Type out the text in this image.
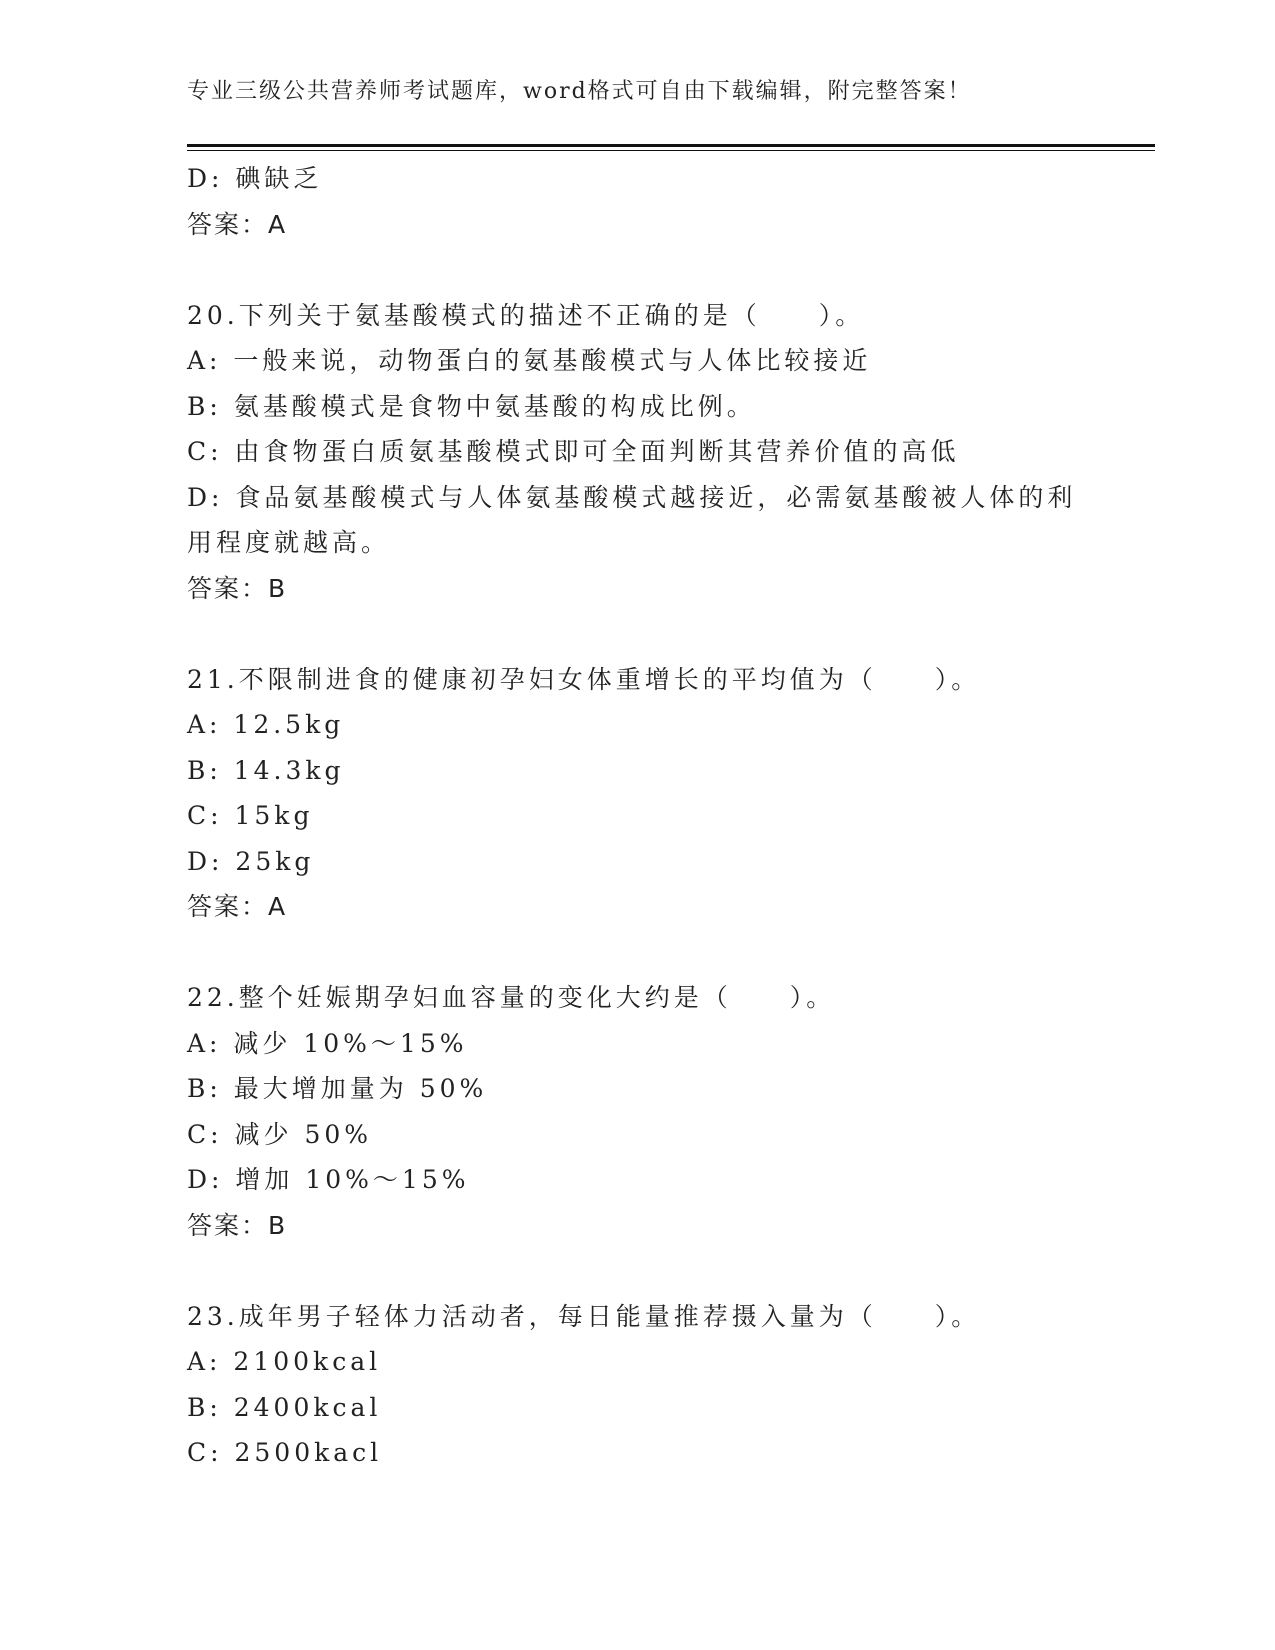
专业三级公共营养师考试题库，word格式可自由下载编辑，附完整答案！
D: 碘缺乏
答案：A
20.下列关于氨基酸模式的描述不正确的是（　　）。
A: 一般来说，动物蛋白的氨基酸模式与人体比较接近
B: 氨基酸模式是食物中氨基酸的构成比例。
C: 由食物蛋白质氨基酸模式即可全面判断其营养价值的高低
D: 食品氨基酸模式与人体氨基酸模式越接近，必需氨基酸被人体的利
用程度就越高。
答案：B
21.不限制进食的健康初孕妇女体重增长的平均值为（　　）。
A: 12.5kg
B: 14.3kg
C: 15kg
D: 25kg
答案：A
22.整个妊娠期孕妇血容量的变化大约是（　　）。
A: 减少 10%～15%
B: 最大增加量为 50%
C: 减少 50%
D: 增加 10%～15%
答案：B
23.成年男子轻体力活动者，每日能量推荐摄入量为（　　）。
A: 2100kcal
B: 2400kcal
C: 2500kacl
